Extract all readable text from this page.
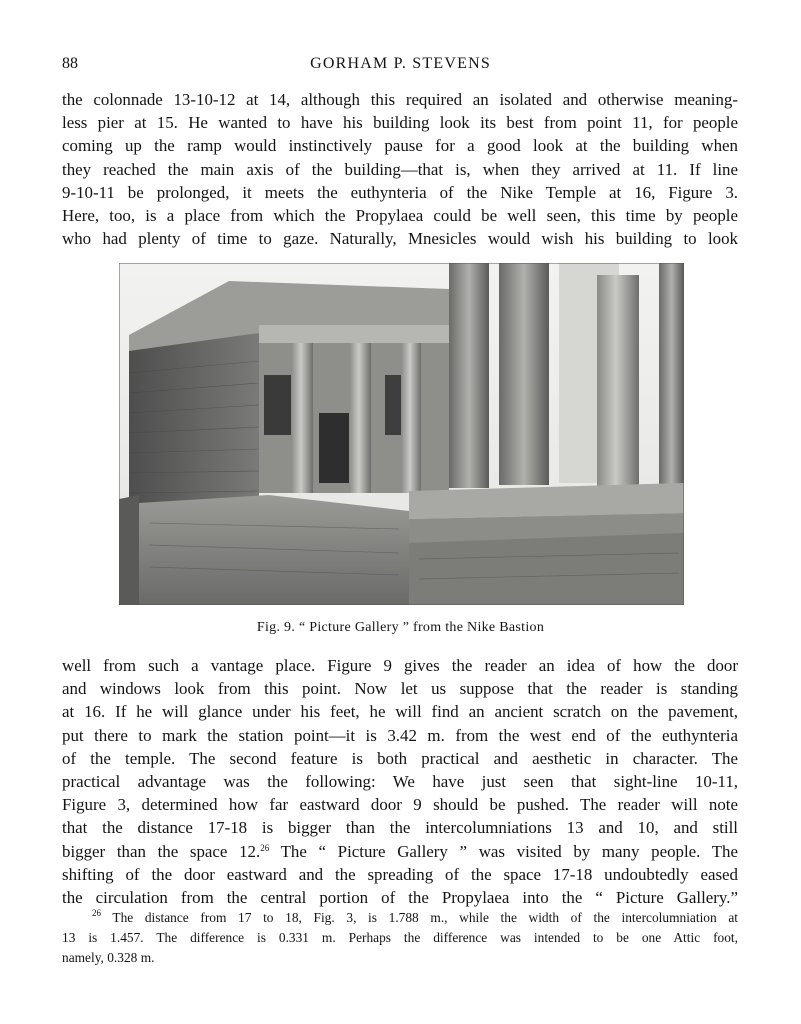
88	GORHAM P. STEVENS
the colonnade 13-10-12 at 14, although this required an isolated and otherwise meaning-
less pier at 15. He wanted to have his building look its best from point 11, for people
coming up the ramp would instinctively pause for a good look at the building when
they reached the main axis of the building—that is, when they arrived at 11. If line
9-10-11 be prolonged, it meets the euthynteria of the Nike Temple at 16, Figure 3.
Here, too, is a place from which the Propylaea could be well seen, this time by people
who had plenty of time to gaze. Naturally, Mnesicles would wish his building to look
Fig. 9. “ Picture Gallery ” from the Nike Bastion
well from such a vantage place. Figure 9 gives the reader an idea of how the door
and windows look from this point. Now let us suppose that the reader is standing
at 16. If he will glance under his feet, he will find an ancient scratch on the pavement,
put there to mark the station point—it is 3.42 m. from the west end of the euthynteria
of the temple. The second feature is both practical and aesthetic in character. The
practical advantage was the following: We have just seen that sight-line 10-11,
Figure 3, determined how far eastward door 9 should be pushed. The reader will note
that the distance 17-18 is bigger than the intercolumniations 13 and 10, and still
bigger than the space 12.26 The “ Picture Gallery ” was visited by many people. The
shifting of the door eastward and the spreading of the space 17-18 undoubtedly eased
the circulation from the central portion of the Propylaea into the “ Picture Gallery.”
$^{26}$ The distance from 17 to 18, Fig. 3, is 1.788 m., while the width of the intercolumniation at
13 is 1.457. The difference is 0.331 m. Perhaps the difference was intended to be one Attic foot,
namely, 0.328 m.
